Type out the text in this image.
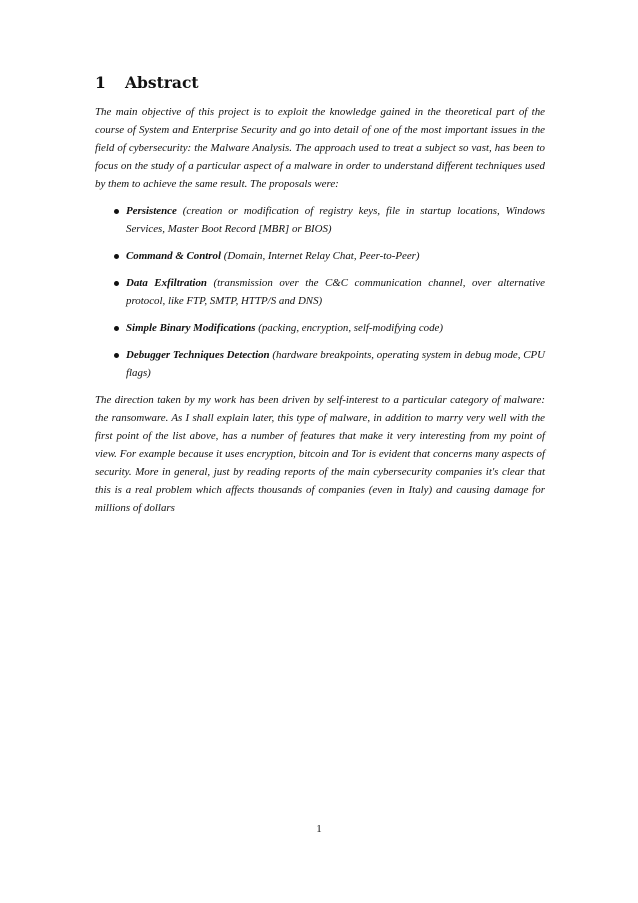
1 Abstract

The main objective of this project is to exploit the knowledge gained in the theoretical part of the course of System and Enterprise Security and go into detail of one of the most important issues in the field of cybersecurity: the Malware Analysis. The approach used to treat a subject so vast, has been to focus on the study of a particular aspect of a malware in order to understand different techniques used by them to achieve the same result. The proposals were:

Persistence (creation or modification of registry keys, file in startup locations, Windows Services, Master Boot Record [MBR] or BIOS)
Command & Control (Domain, Internet Relay Chat, Peer-to-Peer)
Data Exfiltration (transmission over the C&C communication channel, over alternative protocol, like FTP, SMTP, HTTP/S and DNS)
Simple Binary Modifications (packing, encryption, self-modifying code)
Debugger Techniques Detection (hardware breakpoints, operating system in debug mode, CPU flags)

The direction taken by my work has been driven by self-interest to a particular category of malware: the ransomware. As I shall explain later, this type of malware, in addition to marry very well with the first point of the list above, has a number of features that make it very interesting from my point of view. For example because it uses encryption, bitcoin and Tor is evident that concerns many aspects of security. More in general, just by reading reports of the main cybersecurity companies it's clear that this is a real problem which affects thousands of companies (even in Italy) and causing damage for millions of dollars

1
